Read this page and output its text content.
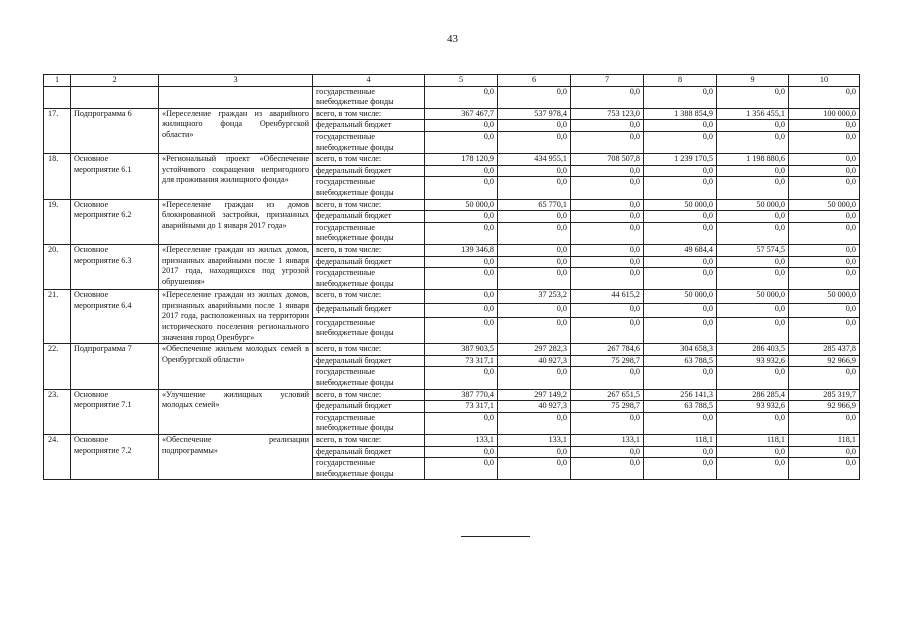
43
1	2	3	4	5	6	7	8	9	10
			государственные внебюджетные фонды	0,0	0,0	0,0	0,0	0,0	0,0
17.	Подпрограмма 6	«Переселение граждан из аварийного жилищного фонда Оренбургской области»	всего, в том числе:	367 467,7	537 978,4	753 123,0	1 388 854,9	1 356 455,1	100 000,0
			федеральный бюджет	0,0	0,0	0,0	0,0	0,0	0,0
			государственные внебюджетные фонды	0,0	0,0	0,0	0,0	0,0	0,0
18.	Основное мероприятие 6.1	«Региональный проект «Обеспечение устойчивого сокращения непригодного для проживания жилищного фонда»	всего, в том числе:	178 120,9	434 955,1	708 507,8	1 239 170,5	1 198 880,6	0,0
			федеральный бюджет	0,0	0,0	0,0	0,0	0,0	0,0
			государственные внебюджетные фонды	0,0	0,0	0,0	0,0	0,0	0,0
19.	Основное мероприятие 6.2	«Переселение граждан из домов блокированной застройки, признанных аварийными до 1 января 2017 года»	всего, в том числе:	50 000,0	65 770,1	0,0	50 000,0	50 000,0	50 000,0
			федеральный бюджет	0,0	0,0	0,0	0,0	0,0	0,0
			государственные внебюджетные фонды	0,0	0,0	0,0	0,0	0,0	0,0
20.	Основное мероприятие 6.3	«Переселение граждан из жилых домов, признанных аварийными после 1 января 2017 года, находящихся под угрозой обрушения»	всего, в том числе:	139 346,8	0,0	0,0	49 684,4	57 574,5	0,0
			федеральный бюджет	0,0	0,0	0,0	0,0	0,0	0,0
			государственные внебюджетные фонды	0,0	0,0	0,0	0,0	0,0	0,0
21.	Основное мероприятие 6.4	«Переселение граждан из жилых домов, признанных аварийными после 1 января 2017 года, расположенных на территории исторического поселения регионального значения город Оренбург»	всего, в том числе:	0,0	37 253,2	44 615,2	50 000,0	50 000,0	50 000,0
			федеральный бюджет	0,0	0,0	0,0	0,0	0,0	0,0
			государственные внебюджетные фонды	0,0	0,0	0,0	0,0	0,0	0,0
22.	Подпрограмма 7	«Обеспечение жильем молодых семей в Оренбургской области»	всего, в том числе:	387 903,5	297 282,3	267 784,6	304 658,3	286 403,5	285 437,8
			федеральный бюджет	73 317,1	40 927,3	75 298,7	63 788,5	93 932,6	92 966,9
			государственные внебюджетные фонды	0,0	0,0	0,0	0,0	0,0	0,0
23.	Основное мероприятие 7.1	«Улучшение жилищных условий молодых семей»	всего, в том числе:	387 770,4	297 149,2	267 651,5	256 141,3	286 285,4	285 319,7
			федеральный бюджет	73 317,1	40 927,3	75 298,7	63 788,5	93 932,6	92 966,9
			государственные внебюджетные фонды	0,0	0,0	0,0	0,0	0,0	0,0
24.	Основное мероприятие 7.2	«Обеспечение реализации подпрограммы»	всего, в том числе:	133,1	133,1	133,1	118,1	118,1	118,1
			федеральный бюджет	0,0	0,0	0,0	0,0	0,0	0,0
			государственные внебюджетные фонды	0,0	0,0	0,0	0,0	0,0	0,0
